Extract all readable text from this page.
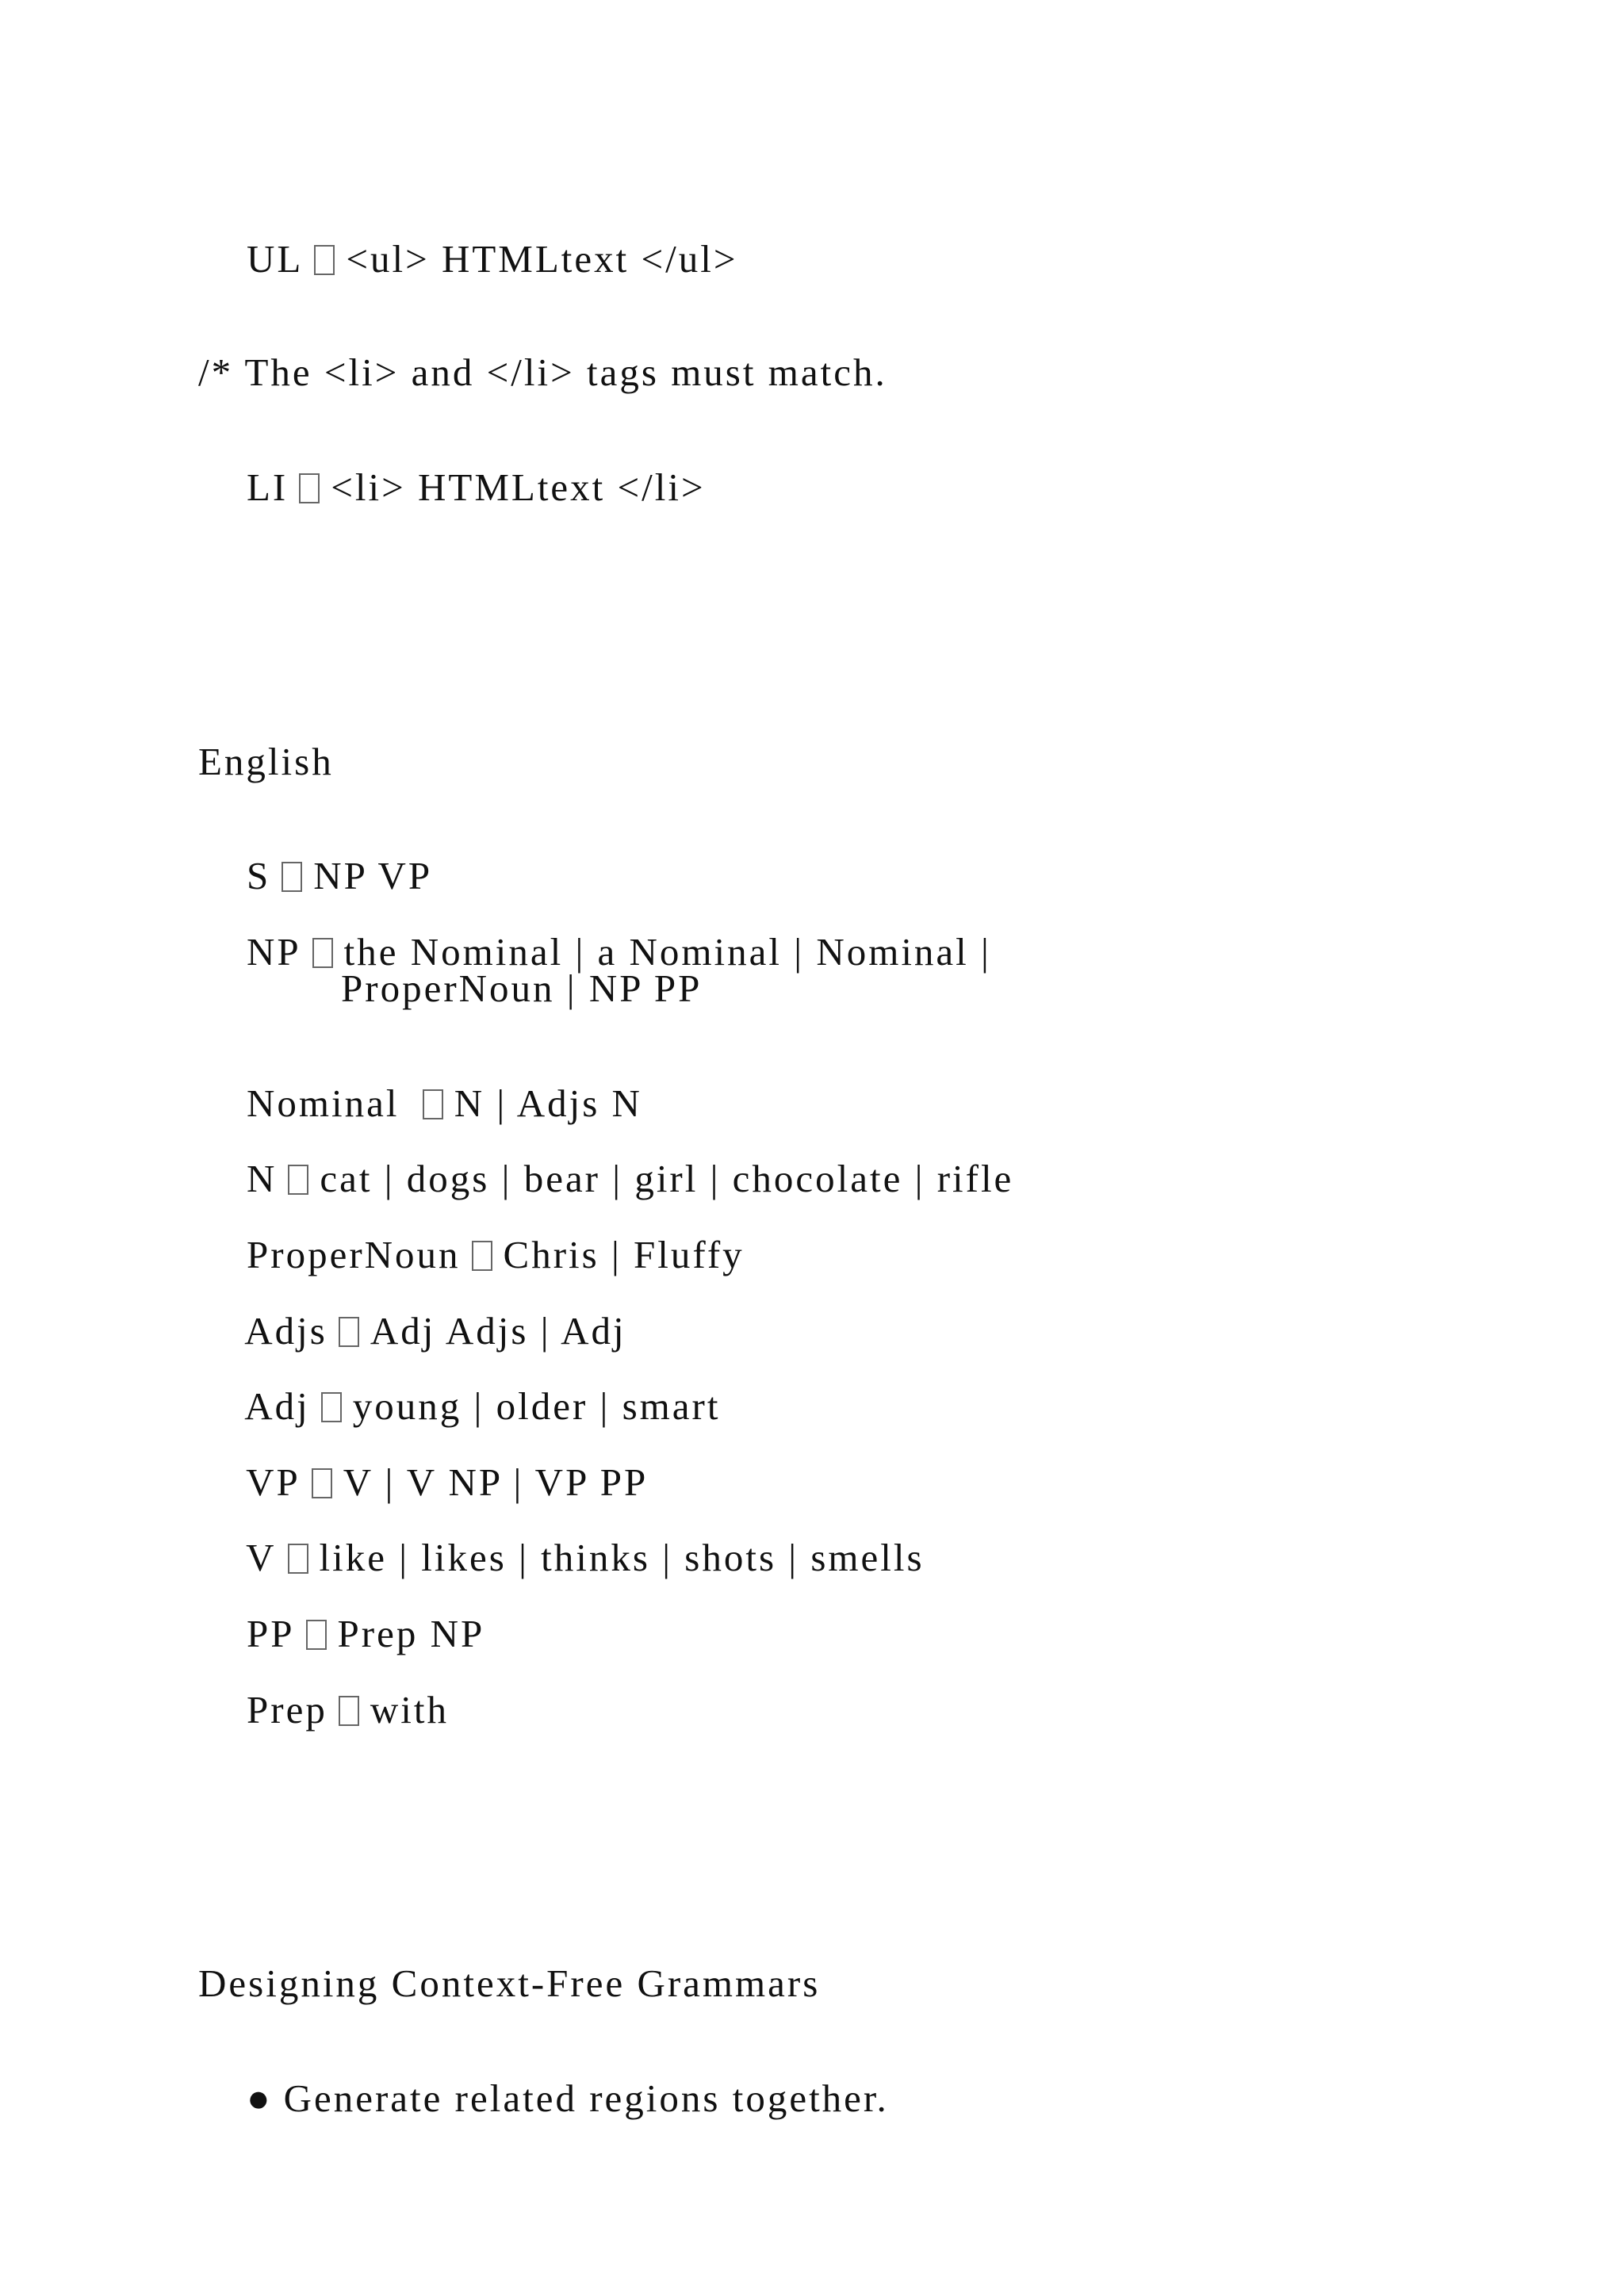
UL <ul> HTMLtext </ul>

/* The <li> and </li> tags must match.

LI <li> HTMLtext </li>

English

S NP VP

NP the Nominal | a Nominal | Nominal |

ProperNoun | NP PP

Nominal N | Adjs N

N cat | dogs | bear | girl | chocolate | rifle

ProperNoun Chris | Fluffy

Adjs Adj Adjs | Adj

Adj young | older | smart

VP V | V NP | VP PP

V like | likes | thinks | shots | smells

PP Prep NP

Prep with

Designing Context-Free Grammars

● Generate related regions together.
